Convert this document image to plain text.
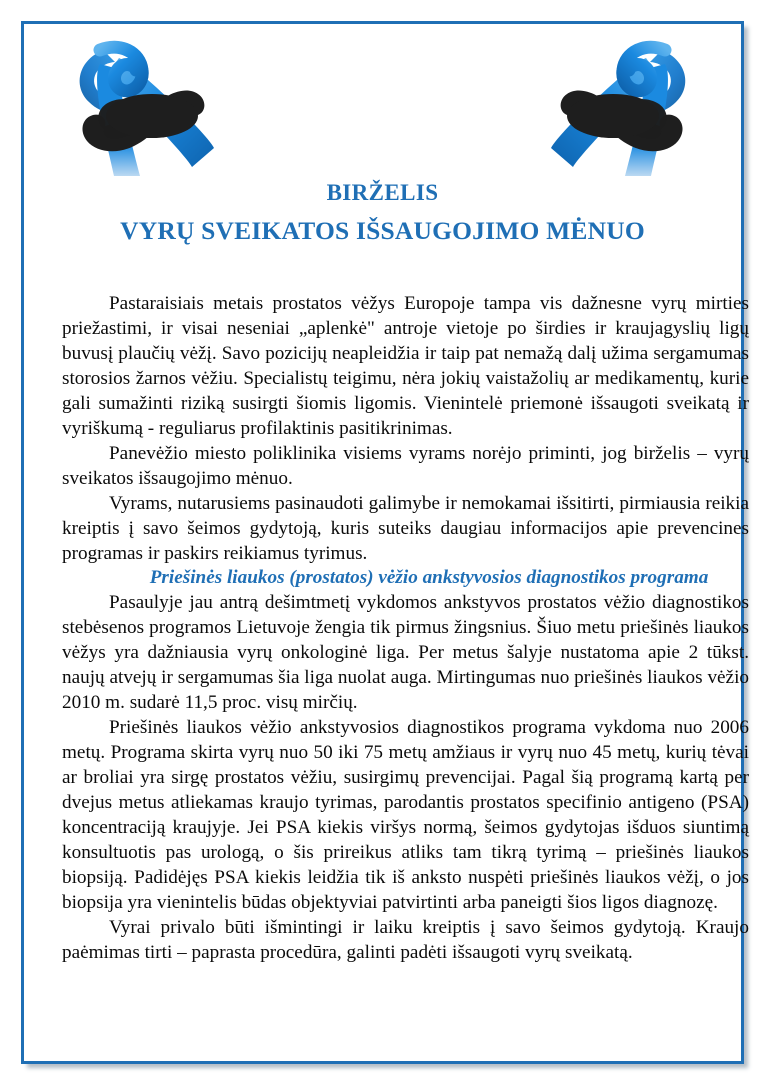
BIRŽELIS
VYRŲ SVEIKATOS IŠSAUGOJIMO MĖNUO

Pastaraisiais metais prostatos vėžys Europoje tampa vis dažnesne vyrų mirties priežastimi, ir visai neseniai „aplenkė" antroje vietoje po širdies ir kraujagyslių ligų buvusį plaučių vėžį. Savo pozicijų neapleidžia ir taip pat nemažą dalį užima sergamumas storosios žarnos vėžiu. Specialistų teigimu, nėra jokių vaistažolių ar medikamentų, kurie gali sumažinti riziką susirgti šiomis ligomis. Vienintelė priemonė išsaugoti sveikatą ir vyriškumą - reguliarus profilaktinis pasitikrinimas.

Panevėžio miesto poliklinika visiems vyrams norėjo priminti, jog birželis – vyrų sveikatos išsaugojimo mėnuo.

Vyrams, nutarusiems pasinaudoti galimybe ir nemokamai išsitirti, pirmiausia reikia kreiptis į savo šeimos gydytoją, kuris suteiks daugiau informacijos apie prevencines programas ir paskirs reikiamus tyrimus.

Priešinės liaukos (prostatos) vėžio ankstyvosios diagnostikos programa

Pasaulyje jau antrą dešimtmetį vykdomos ankstyvos prostatos vėžio diagnostikos stebėsenos programos Lietuvoje žengia tik pirmus žingsnius. Šiuo metu priešinės liaukos vėžys yra dažniausia vyrų onkologinė liga. Per metus šalyje nustatoma apie 2 tūkst. naujų atvejų ir sergamumas šia liga nuolat auga. Mirtingumas nuo priešinės liaukos vėžio 2010 m. sudarė 11,5 proc. visų mirčių.

Priešinės liaukos vėžio ankstyvosios diagnostikos programa vykdoma nuo 2006 metų. Programa skirta vyrų nuo 50 iki 75 metų amžiaus ir vyrų nuo 45 metų, kurių tėvai ar broliai yra sirgę prostatos vėžiu, susirgimų prevencijai. Pagal šią programą kartą per dvejus metus atliekamas kraujo tyrimas, parodantis prostatos specifinio antigeno (PSA) koncentraciją kraujyje. Jei PSA kiekis viršys normą, šeimos gydytojas išduos siuntimą konsultuotis pas urologą, o šis prireikus atliks tam tikrą tyrimą – priešinės liaukos biopsiją. Padidėjęs PSA kiekis leidžia tik iš anksto nuspėti priešinės liaukos vėžį, o jos biopsija yra vienintelis būdas objektyviai patvirtinti arba paneigti šios ligos diagnozę.

Vyrai privalo būti išmintingi ir laiku kreiptis į savo šeimos gydytoją. Kraujo paėmimas tirti – paprasta procedūra, galinti padėti išsaugoti vyrų sveikatą.
